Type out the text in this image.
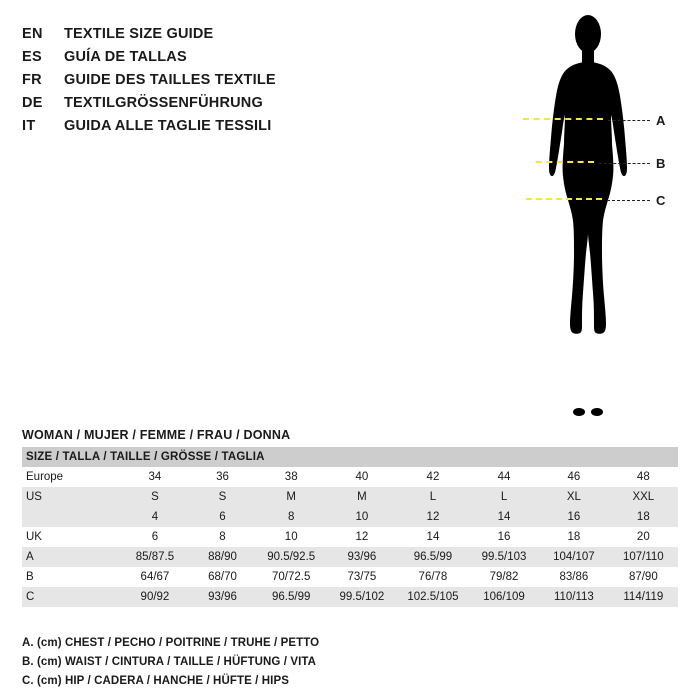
EN	TEXTILE SIZE GUIDE
ES	GUÍA DE TALLAS
FR	GUIDE DES TAILLES TEXTILE
DE	TEXTILGRÖSSENFÜHRUNG
IT	GUIDA ALLE TAGLIE TESSILI	A
B
C
WOMAN / MUJER / FEMME / FRAU / DONNA
SIZE / TALLA / TAILLE / GRÖSSE / TAGLIA								
Europe	34	36	38	40	42	44	46	48
US	S	S	M	M	L	L	XL	XXL
	4	6	8	10	12	14	16	18
UK	6	8	10	12	14	16	18	20
A	85/87.5	88/90	90.5/92.5	93/96	96.5/99	99.5/103	104/107	107/110
B	64/67	68/70	70/72.5	73/75	76/78	79/82	83/86	87/90
C	90/92	93/96	96.5/99	99.5/102	102.5/105	106/109	110/113	114/119
A. (cm) CHEST / PECHO / POITRINE / TRUHE / PETTO
B. (cm) WAIST / CINTURA / TAILLE / HÜFTUNG / VITA
C. (cm) HIP / CADERA / HANCHE / HÜFTE / HIPS
